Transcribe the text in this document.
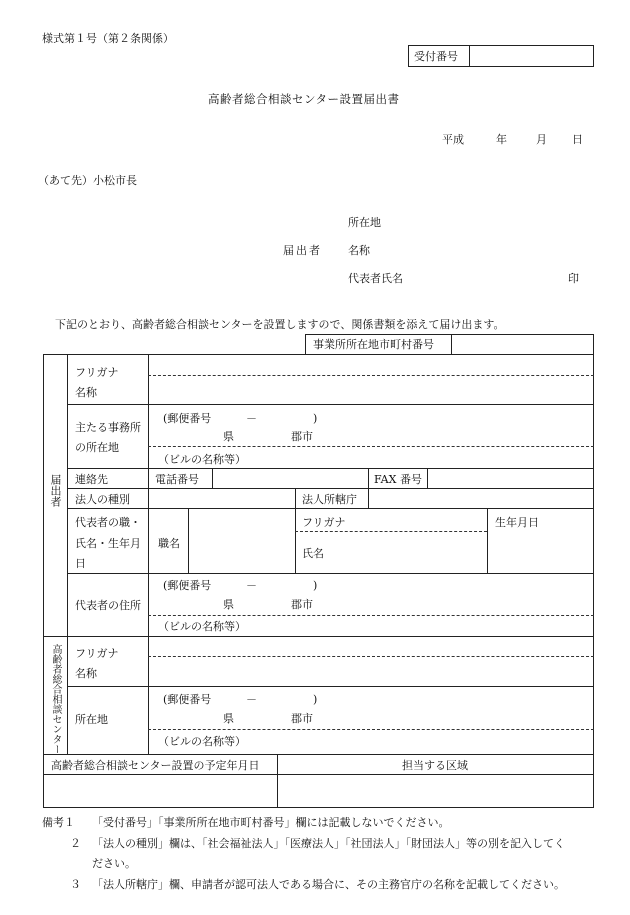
様式第１号（第２条関係）
受付番号
高齢者総合相談センター設置届出書
平成	年	月 日
（あて先）小松市長
所在地
届出者 名称
代表者氏名	印
下記のとおり、高齢者総合相談センターを設置しますので、関係書類を添えて届け出ます。
事業所所在地市町村番号
届出者
高齢者総合相談センター
フリガナ
名称
主たる事務所
の所在地
(郵便番号	－	)
県	郡市
（ビルの名称等）
連絡先	電話番号	FAX 番号
法人の種別	法人所轄庁
代表者の職・
氏名・生年月
日
職名
フリガナ
氏名
生年月日
代表者の住所
(郵便番号	－	)
県	郡市
（ビルの名称等）
フリガナ
名称
所在地
(郵便番号	－	)
県	郡市
（ビルの名称等）
高齢者総合相談センター設置の予定年月日	担当する区域
備考１ 「受付番号」「事業所所在地市町村番号」欄には記載しないでください。
２ 「法人の種別」欄は、「社会福祉法人」「医療法人」「社団法人」「財団法人」等の別を記入してく
ださい。
３ 「法人所轄庁」欄、申請者が認可法人である場合に、その主務官庁の名称を記載してください。
